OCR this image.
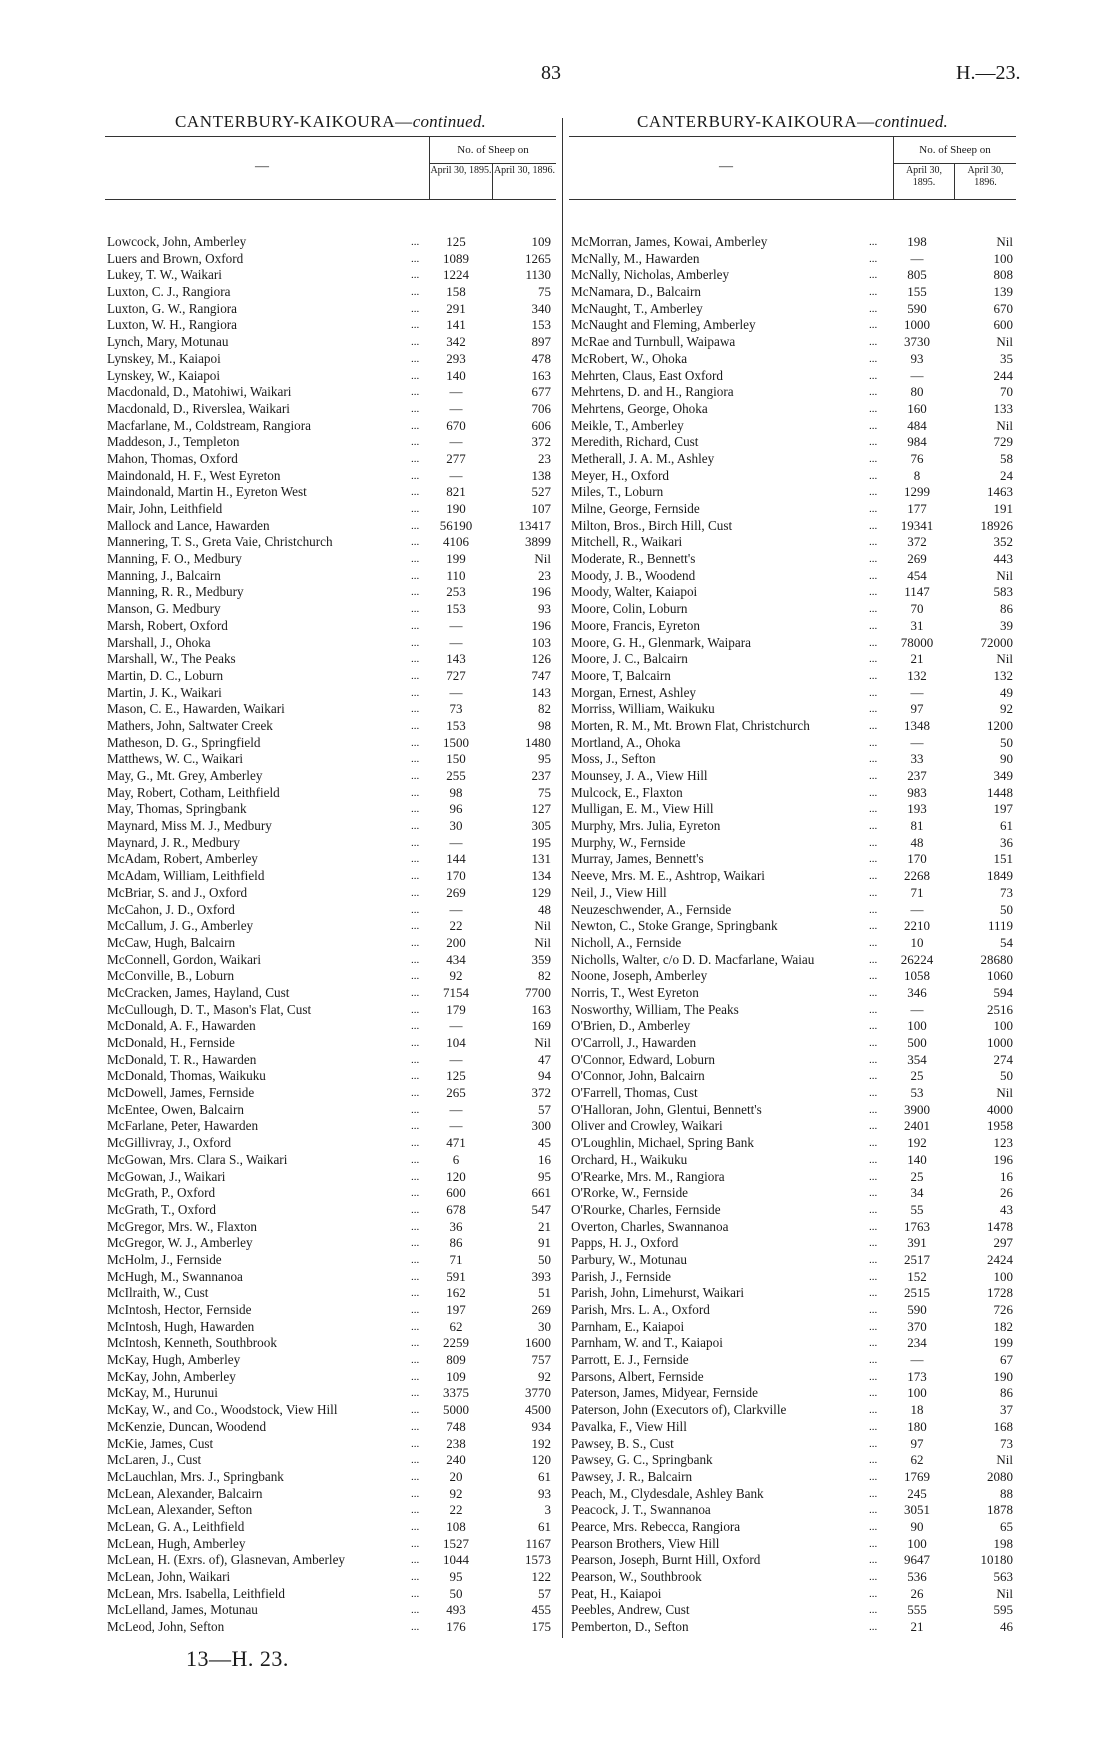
83	H.—23.
CANTERBURY-KAIKOURA—continued.
—
No. of Sheep on
April 30, 1895. April 30, 1896.
Lowcock, John, Amberley	...	125	109
Luers and Brown, Oxford	...	1089	1265
Lukey, T. W., Waikari	...	1224	1130
Luxton, C. J., Rangiora	...	158	75
Luxton, G. W., Rangiora	...	291	340
Luxton, W. H., Rangiora	...	141	153
Lynch, Mary, Motunau	...	342	897
Lynskey, M., Kaiapoi	...	293	478
Lynskey, W., Kaiapoi	...	140	163
Macdonald, D., Matohiwi, Waikari	...	—	677
Macdonald, D., Riverslea, Waikari	...	—	706
Macfarlane, M., Coldstream, Rangiora	...	670	606
Maddeson, J., Templeton	...	—	372
Mahon, Thomas, Oxford	...	277	23
Maindonald, H. F., West Eyreton	...	—	138
Maindonald, Martin H., Eyreton West	...	821	527
Mair, John, Leithfield	...	190	107
Mallock and Lance, Hawarden	...	56190	13417
Mannering, T. S., Greta Vaie, Christchurch	...	4106	3899
Manning, F. O., Medbury	...	199	Nil
Manning, J., Balcairn	...	110	23
Manning, R. R., Medbury	...	253	196
Manson, G. Medbury	...	153	93
Marsh, Robert, Oxford	...	—	196
Marshall, J., Ohoka	...	—	103
Marshall, W., The Peaks	...	143	126
Martin, D. C., Loburn	...	727	747
Martin, J. K., Waikari	...	—	143
Mason, C. E., Hawarden, Waikari	...	73	82
Mathers, John, Saltwater Creek	...	153	98
Matheson, D. G., Springfield	...	1500	1480
Matthews, W. C., Waikari	...	150	95
May, G., Mt. Grey, Amberley	...	255	237
May, Robert, Cotham, Leithfield	...	98	75
May, Thomas, Springbank	...	96	127
Maynard, Miss M. J., Medbury	...	30	305
Maynard, J. R., Medbury	...	—	195
McAdam, Robert, Amberley	...	144	131
McAdam, William, Leithfield	...	170	134
McBriar, S. and J., Oxford	...	269	129
McCahon, J. D., Oxford	...	—	48
McCallum, J. G., Amberley	...	22	Nil
McCaw, Hugh, Balcairn	...	200	Nil
McConnell, Gordon, Waikari	...	434	359
McConville, B., Loburn	...	92	82
McCracken, James, Hayland, Cust	...	7154	7700
McCullough, D. T., Mason's Flat, Cust	...	179	163
McDonald, A. F., Hawarden	...	—	169
McDonald, H., Fernside	...	104	Nil
McDonald, T. R., Hawarden	...	—	47
McDonald, Thomas, Waikuku	...	125	94
McDowell, James, Fernside	...	265	372
McEntee, Owen, Balcairn	...	—	57
McFarlane, Peter, Hawarden	...	—	300
McGillivray, J., Oxford	...	471	45
McGowan, Mrs. Clara S., Waikari	...	6	16
McGowan, J., Waikari	...	120	95
McGrath, P., Oxford	...	600	661
McGrath, T., Oxford	...	678	547
McGregor, Mrs. W., Flaxton	...	36	21
McGregor, W. J., Amberley	...	86	91
McHolm, J., Fernside	...	71	50
McHugh, M., Swannanoa	...	591	393
McIlraith, W., Cust	...	162	51
McIntosh, Hector, Fernside	...	197	269
McIntosh, Hugh, Hawarden	...	62	30
McIntosh, Kenneth, Southbrook	...	2259	1600
McKay, Hugh, Amberley	...	809	757
McKay, John, Amberley	...	109	92
McKay, M., Hurunui	...	3375	3770
McKay, W., and Co., Woodstock, View Hill	...	5000	4500
McKenzie, Duncan, Woodend	...	748	934
McKie, James, Cust	...	238	192
McLaren, J., Cust	...	240	120
McLauchlan, Mrs. J., Springbank	...	20	61
McLean, Alexander, Balcairn	...	92	93
McLean, Alexander, Sefton	...	22	3
McLean, G. A., Leithfield	...	108	61
McLean, Hugh, Amberley	...	1527	1167
McLean, H. (Exrs. of), Glasnevan, Amberley	...	1044	1573
McLean, John, Waikari	...	95	122
McLean, Mrs. Isabella, Leithfield	...	50	57
McLelland, James, Motunau	...	493	455
McLeod, John, Sefton	...	176	175
CANTERBURY-KAIKOURA—continued.
—
No. of Sheep on
April 30, 1895.
April 30, 1896.
McMorran, James, Kowai, Amberley	...	198	Nil
McNally, M., Hawarden	...	—	100
McNally, Nicholas, Amberley	...	805	808
McNamara, D., Balcairn	...	155	139
McNaught, T., Amberley	...	590	670
McNaught and Fleming, Amberley	...	1000	600
McRae and Turnbull, Waipawa	...	3730	Nil
McRobert, W., Ohoka	...	93	35
Mehrten, Claus, East Oxford	...	—	244
Mehrtens, D. and H., Rangiora	...	80	70
Mehrtens, George, Ohoka	...	160	133
Meikle, T., Amberley	...	484	Nil
Meredith, Richard, Cust	...	984	729
Metherall, J. A. M., Ashley	...	76	58
Meyer, H., Oxford	...	8	24
Miles, T., Loburn	...	1299	1463
Milne, George, Fernside	...	177	191
Milton, Bros., Birch Hill, Cust	...	19341	18926
Mitchell, R., Waikari	...	372	352
Moderate, R., Bennett's	...	269	443
Moody, J. B., Woodend	...	454	Nil
Moody, Walter, Kaiapoi	...	1147	583
Moore, Colin, Loburn	...	70	86
Moore, Francis, Eyreton	...	31	39
Moore, G. H., Glenmark, Waipara	...	78000	72000
Moore, J. C., Balcairn	...	21	Nil
Moore, T, Balcairn	...	132	132
Morgan, Ernest, Ashley	...	—	49
Morriss, William, Waikuku	...	97	92
Morten, R. M., Mt. Brown Flat, Christchurch	...	1348	1200
Mortland, A., Ohoka	...	—	50
Moss, J., Sefton	...	33	90
Mounsey, J. A., View Hill	...	237	349
Mulcock, E., Flaxton	...	983	1448
Mulligan, E. M., View Hill	...	193	197
Murphy, Mrs. Julia, Eyreton	...	81	61
Murphy, W., Fernside	...	48	36
Murray, James, Bennett's	...	170	151
Neeve, Mrs. M. E., Ashtrop, Waikari	...	2268	1849
Neil, J., View Hill	...	71	73
Neuzeschwender, A., Fernside	...	—	50
Newton, C., Stoke Grange, Springbank	...	2210	1119
Nicholl, A., Fernside	...	10	54
Nicholls, Walter, c/o D. D. Macfarlane, Waiau	...	26224	28680
Noone, Joseph, Amberley	...	1058	1060
Norris, T., West Eyreton	...	346	594
Nosworthy, William, The Peaks	...	—	2516
O'Brien, D., Amberley	...	100	100
O'Carroll, J., Hawarden	...	500	1000
O'Connor, Edward, Loburn	...	354	274
O'Connor, John, Balcairn	...	25	50
O'Farrell, Thomas, Cust	...	53	Nil
O'Halloran, John, Glentui, Bennett's	...	3900	4000
Oliver and Crowley, Waikari	...	2401	1958
O'Loughlin, Michael, Spring Bank	...	192	123
Orchard, H., Waikuku	...	140	196
O'Rearke, Mrs. M., Rangiora	...	25	16
O'Rorke, W., Fernside	...	34	26
O'Rourke, Charles, Fernside	...	55	43
Overton, Charles, Swannanoa	...	1763	1478
Papps, H. J., Oxford	...	391	297
Parbury, W., Motunau	...	2517	2424
Parish, J., Fernside	...	152	100
Parish, John, Limehurst, Waikari	...	2515	1728
Parish, Mrs. L. A., Oxford	...	590	726
Parnham, E., Kaiapoi	...	370	182
Parnham, W. and T., Kaiapoi	...	234	199
Parrott, E. J., Fernside	...	—	67
Parsons, Albert, Fernside	...	173	190
Paterson, James, Midyear, Fernside	...	100	86
Paterson, John (Executors of), Clarkville	...	18	37
Pavalka, F., View Hill	...	180	168
Pawsey, B. S., Cust	...	97	73
Pawsey, G. C., Springbank	...	62	Nil
Pawsey, J. R., Balcairn	...	1769	2080
Peach, M., Clydesdale, Ashley Bank	...	245	88
Peacock, J. T., Swannanoa	...	3051	1878
Pearce, Mrs. Rebecca, Rangiora	...	90	65
Pearson Brothers, View Hill	...	100	198
Pearson, Joseph, Burnt Hill, Oxford	...	9647	10180
Pearson, W., Southbrook	...	536	563
Peat, H., Kaiapoi	...	26	Nil
Peebles, Andrew, Cust	...	555	595
Pemberton, D., Sefton	...	21	46
13—H. 23.
